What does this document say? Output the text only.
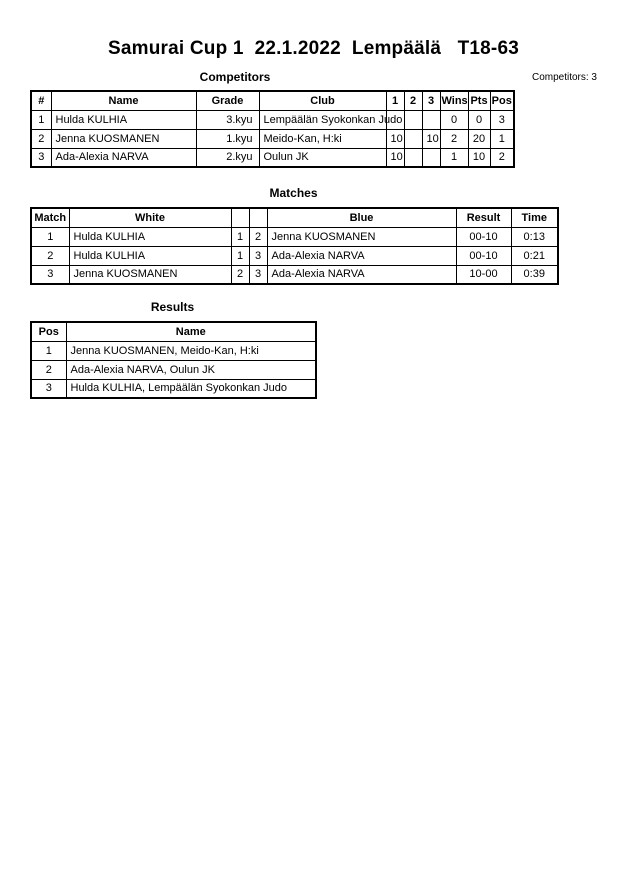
Samurai Cup 1  22.1.2022  Lempäälä   T18-63
Competitors	Competitors: 3
#	Name	Grade	Club	1	2	3	Wins	Pts	Pos
1	Hulda KULHIA	3.kyu	Lempäälän Syokonkan Judo				0	0	3
2	Jenna KUOSMANEN	1.kyu	Meido-Kan, H:ki	10		10	2	20	1
3	Ada-Alexia NARVA	2.kyu	Oulun JK	10			1	10	2
Matches
Match	White			Blue	Result	Time
1	Hulda KULHIA	1	2	Jenna KUOSMANEN	00-10	0:13
2	Hulda KULHIA	1	3	Ada-Alexia NARVA	00-10	0:21
3	Jenna KUOSMANEN	2	3	Ada-Alexia NARVA	10-00	0:39
Results
Pos	Name
1	Jenna KUOSMANEN, Meido-Kan, H:ki
2	Ada-Alexia NARVA, Oulun JK
3	Hulda KULHIA, Lempäälän Syokonkan Judo
